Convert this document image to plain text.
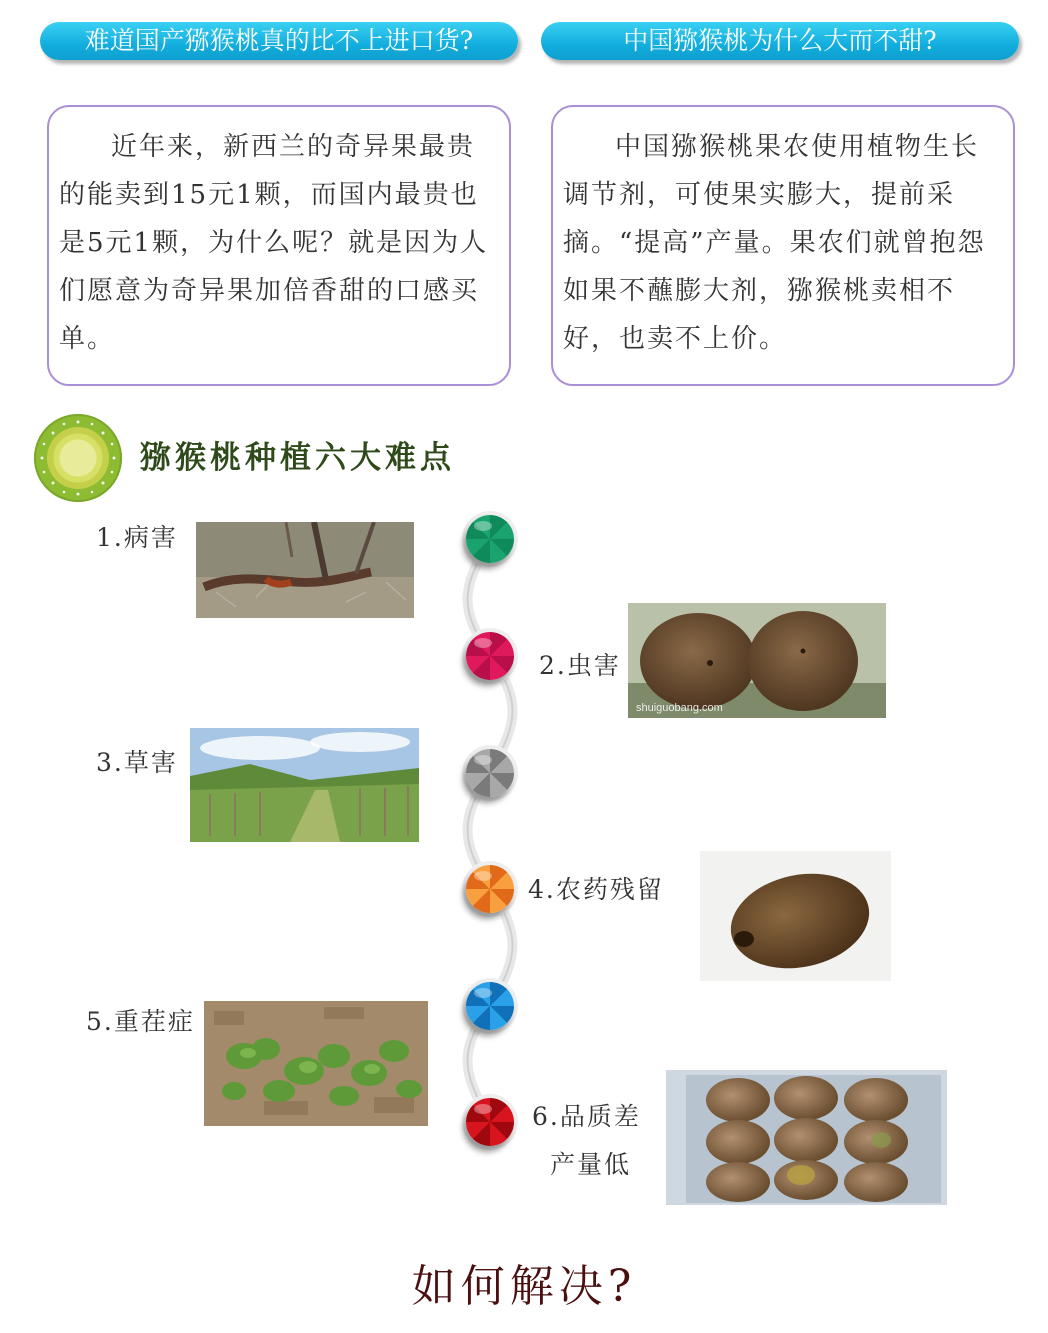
难道国产猕猴桃真的比不上进口货?	中国猕猴桃为什么大而不甜?

近年来，新西兰的奇异果最贵的能卖到15元1颗，而国内最贵也是5元1颗，为什么呢？就是因为人们愿意为奇异果加倍香甜的口感买单。

中国猕猴桃果农使用植物生长调节剂，可使果实膨大，提前采摘。“提高”产量。果农们就曾抱怨如果不蘸膨大剂，猕猴桃卖相不好，也卖不上价。

猕猴桃种植六大难点
1.病害
2.虫害
3.草害
4.农药残留
5.重茬症
6.品质差
产量低
shuiguobang.com
如何解决?
